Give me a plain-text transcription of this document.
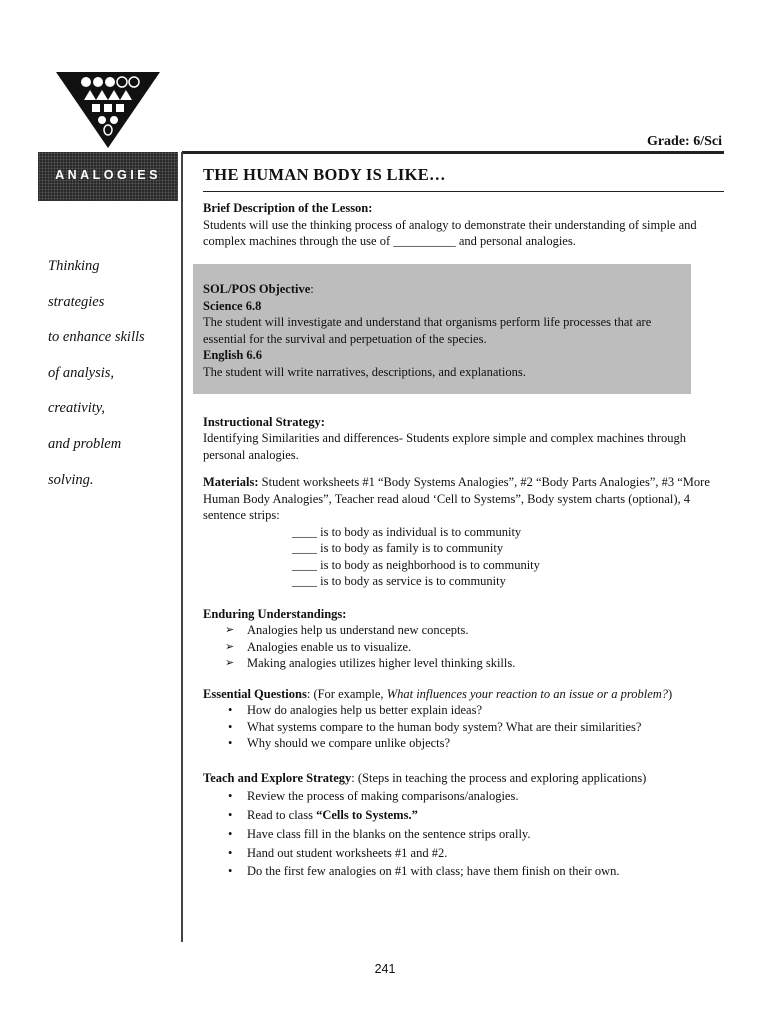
Grade: 6/Sci
ANALOGIES
Thinking
strategies
to enhance skills
of analysis,
creativity,
and problem
solving.
THE HUMAN BODY IS LIKE…
SOL/POS Objective:
Science 6.8
The student will investigate and understand that organisms perform life processes that are essential for the survival and perpetuation of the species.
English 6.6
The student will write narratives, descriptions, and explanations.
Brief Description of the Lesson:
Students will use the thinking process of analogy to demonstrate their understanding of simple and complex machines through the use of __________ and personal analogies.
Instructional Strategy:
Identifying Similarities and differences- Students explore simple and complex machines through personal analogies.
Materials: Student worksheets #1 “Body Systems Analogies”, #2 “Body Parts Analogies”, #3 “More Human Body Analogies”, Teacher read aloud ‘Cell to Systems”, Body system charts (optional), 4 sentence strips:
____ is to body as individual is to community
____ is to body as family is to community
____ is to body as neighborhood is to community
____ is to body as service is to community
Enduring Understandings:
➢ Analogies help us understand new concepts.
➢ Analogies enable us to visualize.
➢ Making analogies utilizes higher level thinking skills.
Essential Questions: (For example, What influences your reaction to an issue or a problem?)
• How do analogies help us better explain ideas?
• What systems compare to the human body system? What are their similarities?
• Why should we compare unlike objects?
Teach and Explore Strategy: (Steps in teaching the process and exploring applications)
• Review the process of making comparisons/analogies.
• Read to class “Cells to Systems.”
• Have class fill in the blanks on the sentence strips orally.
• Hand out student worksheets #1 and #2.
• Do the first few analogies on #1 with class; have them finish on their own.
241
